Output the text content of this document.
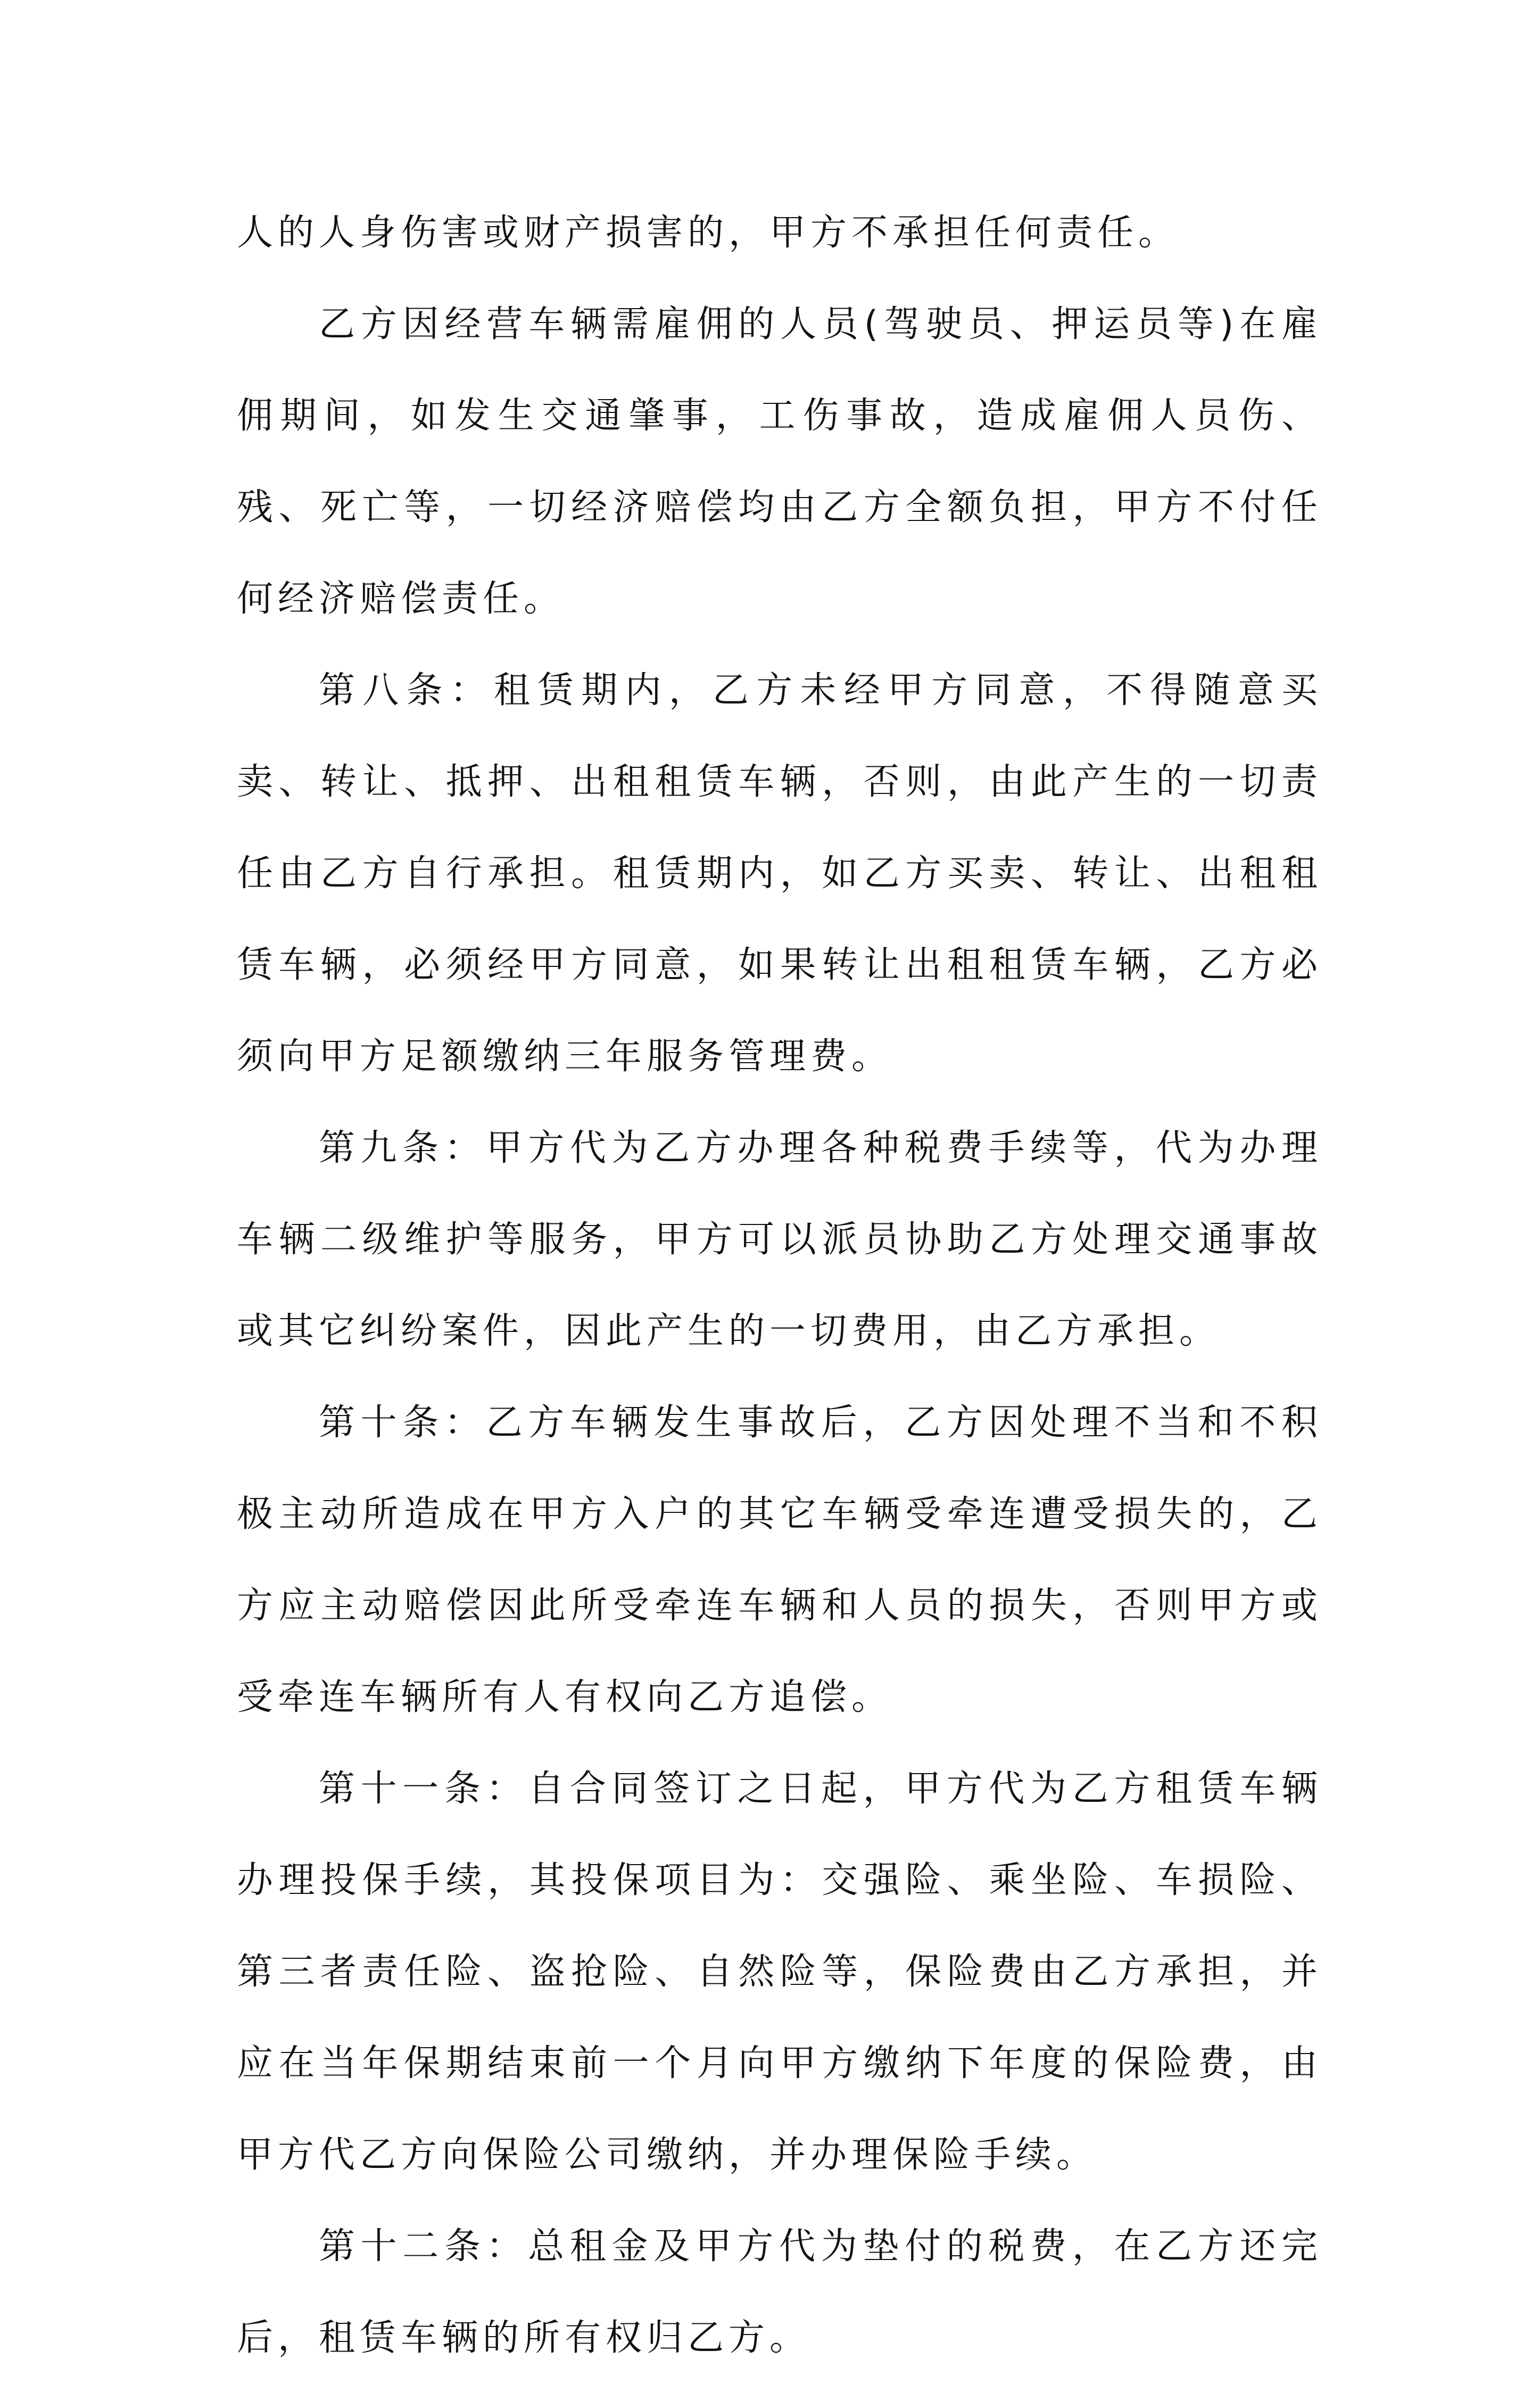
人的人身伤害或财产损害的，甲方不承担任何责任。

乙方因经营车辆需雇佣的人员(驾驶员、押运员等)在雇佣期间，如发生交通肇事，工伤事故，造成雇佣人员伤、残、死亡等，一切经济赔偿均由乙方全额负担，甲方不付任何经济赔偿责任。

第八条：租赁期内，乙方未经甲方同意，不得随意买卖、转让、抵押、出租租赁车辆，否则，由此产生的一切责任由乙方自行承担。租赁期内，如乙方买卖、转让、出租租赁车辆，必须经甲方同意，如果转让出租租赁车辆，乙方必须向甲方足额缴纳三年服务管理费。

第九条：甲方代为乙方办理各种税费手续等，代为办理车辆二级维护等服务，甲方可以派员协助乙方处理交通事故或其它纠纷案件，因此产生的一切费用，由乙方承担。

第十条：乙方车辆发生事故后，乙方因处理不当和不积极主动所造成在甲方入户的其它车辆受牵连遭受损失的，乙方应主动赔偿因此所受牵连车辆和人员的损失，否则甲方或受牵连车辆所有人有权向乙方追偿。

第十一条：自合同签订之日起，甲方代为乙方租赁车辆办理投保手续，其投保项目为：交强险、乘坐险、车损险、第三者责任险、盗抢险、自然险等，保险费由乙方承担，并应在当年保期结束前一个月向甲方缴纳下年度的保险费，由甲方代乙方向保险公司缴纳，并办理保险手续。

第十二条：总租金及甲方代为垫付的税费，在乙方还完后，租赁车辆的所有权归乙方。
